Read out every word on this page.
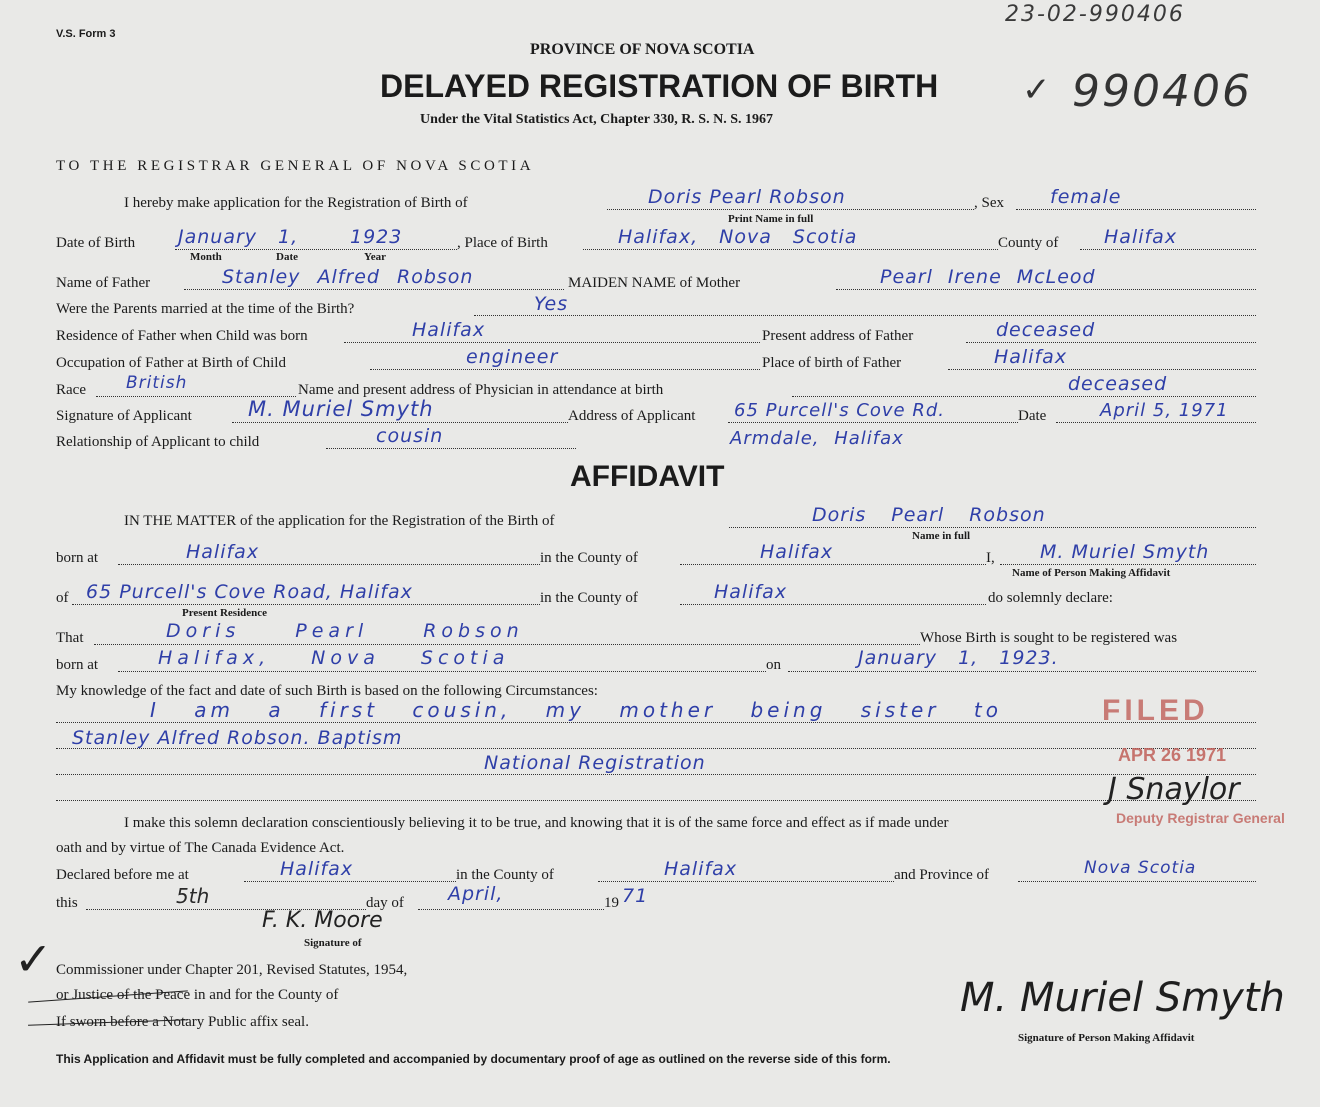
V.S. Form 3
23-02-990406
PROVINCE OF NOVA SCOTIA
DELAYED REGISTRATION OF BIRTH ✓ 990406
Under the Vital Statistics Act, Chapter 330, R. S. N. S. 1967
TO THE REGISTRAR GENERAL OF NOVA SCOTIA
I hereby make application for the Registration of Birth of	Doris Pearl Robson	, Sex female
Print Name in full
Date of Birth January 1,	1923
Month	Date	Year
, Place of Birth	Halifax, Nova Scotia	County of Halifax
Name of Father	Stanley Alfred Robson	MAIDEN NAME of Mother	Pearl Irene McLeod
Were the Parents married at the time of the Birth?	Yes
Residence of Father when Child was born	Halifax	Present address of Father	deceased
Occupation of Father at Birth of Child	engineer	Place of birth of Father	Halifax
Race British	Name and present address of Physician in attendance at birth	deceased
Signature of Applicant	M. Muriel Smyth	Address of Applicant 65 Purcell's Cove Rd.	Date	April 5, 1971
Relationship of Applicant to child	cousin	Armdale, Halifax
AFFIDAVIT
IN THE MATTER of the application for the Registration of the Birth of	Doris Pearl Robson
Name in full
born at	Halifax	in the County of	Halifax	I, M. Muriel Smyth
Name of Person Making Affidavit
of 65 Purcell's Cove Road, Halifax
Present Residence
in the County of	Halifax	do solemnly declare:
That	Doris Pearl Robson	Whose Birth is sought to be registered was
born at	Halifax, Nova Scotia	on	January 1, 1923.
My knowledge of the fact and date of such Birth is based on the following Circumstances:
I am a first cousin, my mother being sister to
Stanley Alfred Robson. Baptism
National Registration
FILED
APR 26 1971
J Snaylor
Deputy Registrar General
I make this solemn declaration conscientiously believing it to be true, and knowing that it is of the same force and effect as if made under
oath and by virtue of The Canada Evidence Act.
Declared before me at	Halifax	in the County of	Halifax	and Province of	Nova Scotia
this	5th	day of April,	19 71
F. K. Moore
Signature of
✓ Commissioner under Chapter 201, Revised Statutes, 1954,
or Justice of the Peace in and for the County of
If sworn before a Notary Public affix seal.
M. Muriel Smyth
Signature of Person Making Affidavit
This Application and Affidavit must be fully completed and accompanied by documentary proof of age as outlined on the reverse side of this form.
